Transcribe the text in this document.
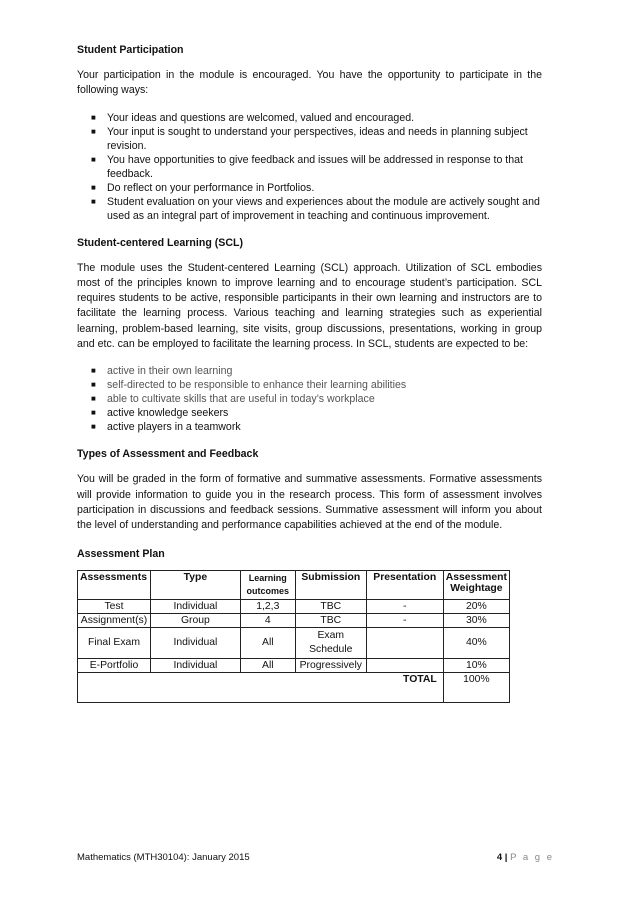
Student Participation

Your participation in the module is encouraged. You have the opportunity to participate in the following ways:

■ Your ideas and questions are welcomed, valued and encouraged.
■ Your input is sought to understand your perspectives, ideas and needs in planning subject revision.
■ You have opportunities to give feedback and issues will be addressed in response to that feedback.
■ Do reflect on your performance in Portfolios.
■ Student evaluation on your views and experiences about the module are actively sought and used as an integral part of improvement in teaching and continuous improvement.
Student-centered Learning (SCL)

The module uses the Student-centered Learning (SCL) approach. Utilization of SCL embodies most of the principles known to improve learning and to encourage student’s participation. SCL requires students to be active, responsible participants in their own learning and instructors are to facilitate the learning process. Various teaching and learning strategies such as experiential learning, problem-based learning, site visits, group discussions, presentations, working in group and etc. can be employed to facilitate the learning process. In SCL, students are expected to be:

■ active in their own learning
■ self-directed to be responsible to enhance their learning abilities
■ able to cultivate skills that are useful in today’s workplace
■ active knowledge seekers
■ active players in a teamwork
Types of Assessment and Feedback

You will be graded in the form of formative and summative assessments. Formative assessments will provide information to guide you in the research process. This form of assessment involves participation in discussions and feedback sessions. Summative assessment will inform you about the level of understanding and performance capabilities achieved at the end of the module.

Assessment Plan
Assessments	Type	Learning outcomes	Submission	Presentation	Assessment Weightage
Test	Individual	1,2,3	TBC	-	20%
Assignment(s)	Group	4	TBC	-	30%
Final Exam	Individual	All	Exam Schedule		40%
E-Portfolio	Individual	All	Progressively		10%
TOTAL					100%
Mathematics (MTH30104): January 2015	4 | P a g e
